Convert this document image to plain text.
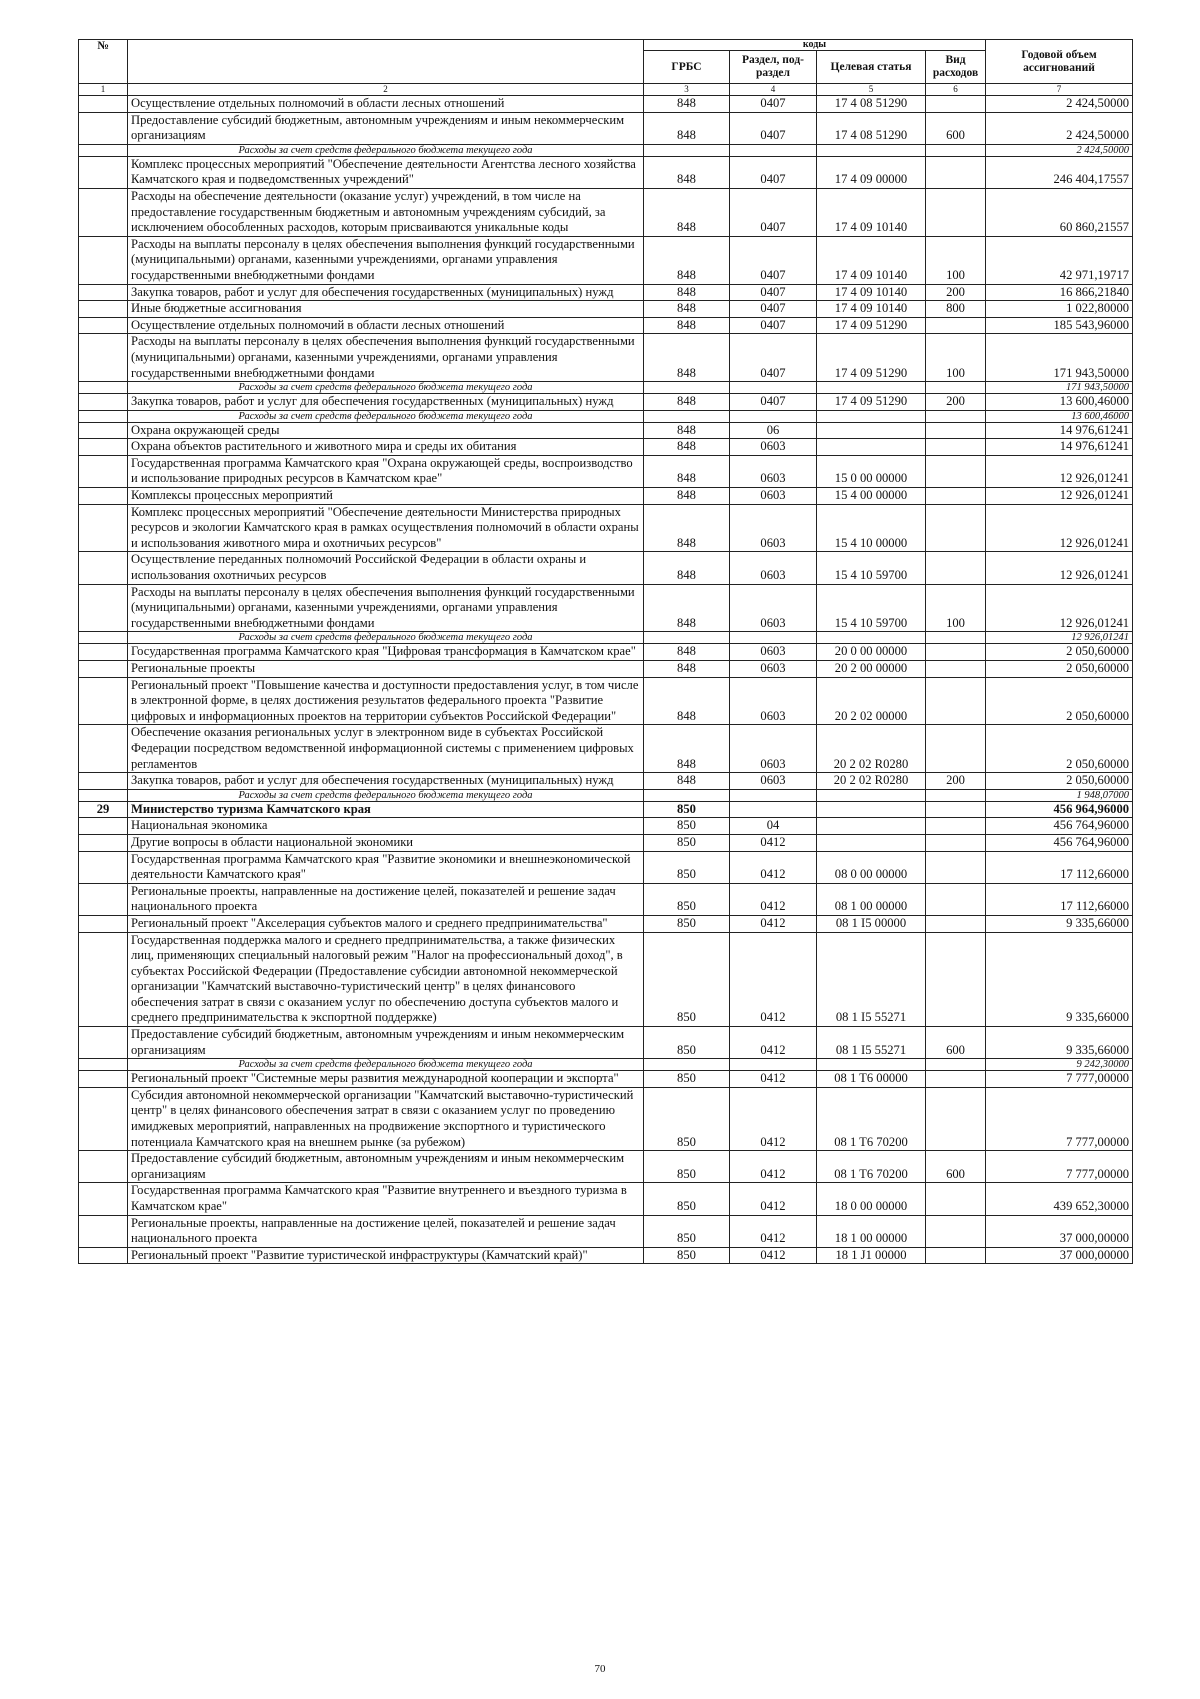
№		коды				Годовой объем ассигнований
		ГРБС	Раздел, под-раздел	Целевая статья	Вид расходов	
1	2	3	4	5	6	7
	Осуществление отдельных полномочий в области лесных отношений	848	0407	17 4 08 51290		2 424,50000
	Предоставление субсидий бюджетным, автономным учреждениям и иным некоммерческим организациям	848	0407	17 4 08 51290	600	2 424,50000
	Расходы за счет средств федерального бюджета текущего года					2 424,50000
	Комплекс процессных мероприятий "Обеспечение деятельности Агентства лесного хозяйства Камчатского края и подведомственных учреждений"	848	0407	17 4 09 00000		246 404,17557
	Расходы на обеспечение деятельности (оказание услуг) учреждений, в том числе на предоставление государственным бюджетным и автономным учреждениям субсидий, за исключением обособленных расходов, которым присваиваются уникальные коды	848	0407	17 4 09 10140		60 860,21557
	Расходы на выплаты персоналу в целях обеспечения выполнения функций государственными (муниципальными) органами, казенными учреждениями, органами управления государственными внебюджетными фондами	848	0407	17 4 09 10140	100	42 971,19717
	Закупка товаров, работ и услуг для обеспечения государственных (муниципальных) нужд	848	0407	17 4 09 10140	200	16 866,21840
	Иные бюджетные ассигнования	848	0407	17 4 09 10140	800	1 022,80000
	Осуществление отдельных полномочий в области лесных отношений	848	0407	17 4 09 51290		185 543,96000
	Расходы на выплаты персоналу в целях обеспечения выполнения функций государственными (муниципальными) органами, казенными учреждениями, органами управления государственными внебюджетными фондами	848	0407	17 4 09 51290	100	171 943,50000
	Расходы за счет средств федерального бюджета текущего года					171 943,50000
	Закупка товаров, работ и услуг для обеспечения государственных (муниципальных) нужд	848	0407	17 4 09 51290	200	13 600,46000
	Расходы за счет средств федерального бюджета текущего года					13 600,46000
	Охрана окружающей среды	848	06			14 976,61241
	Охрана объектов растительного и животного мира и среды их обитания	848	0603			14 976,61241
	Государственная программа Камчатского края "Охрана окружающей среды, воспроизводство и использование природных ресурсов в Камчатском крае"	848	0603	15 0 00 00000		12 926,01241
	Комплексы процессных мероприятий	848	0603	15 4 00 00000		12 926,01241
	Комплекс процессных мероприятий "Обеспечение деятельности Министерства природных ресурсов и экологии Камчатского края в рамках осуществления полномочий в области охраны и использования животного мира и охотничьих ресурсов"	848	0603	15 4 10 00000		12 926,01241
	Осуществление переданных полномочий Российской Федерации в области охраны и использования охотничьих ресурсов	848	0603	15 4 10 59700		12 926,01241
	Расходы на выплаты персоналу в целях обеспечения выполнения функций государственными (муниципальными) органами, казенными учреждениями, органами управления государственными внебюджетными фондами	848	0603	15 4 10 59700	100	12 926,01241
	Расходы за счет средств федерального бюджета текущего года					12 926,01241
	Государственная программа Камчатского края "Цифровая трансформация в Камчатском крае"	848	0603	20 0 00 00000		2 050,60000
	Региональные проекты	848	0603	20 2 00 00000		2 050,60000
	Региональный проект "Повышение качества и доступности предоставления услуг, в том числе в электронной форме, в целях достижения результатов федерального проекта "Развитие цифровых и информационных проектов на территории субъектов Российской Федерации"	848	0603	20 2 02 00000		2 050,60000
	Обеспечение оказания региональных услуг в электронном виде в субъектах Российской Федерации посредством ведомственной информационной системы с применением цифровых регламентов	848	0603	20 2 02 R0280		2 050,60000
	Закупка товаров, работ и услуг для обеспечения государственных (муниципальных) нужд	848	0603	20 2 02 R0280	200	2 050,60000
	Расходы за счет средств федерального бюджета текущего года					1 948,07000
29	Министерство туризма Камчатского края	850				456 964,96000
	Национальная экономика	850	04			456 764,96000
	Другие вопросы в области национальной экономики	850	0412			456 764,96000
	Государственная программа Камчатского края "Развитие экономики и внешнеэкономической деятельности Камчатского края"	850	0412	08 0 00 00000		17 112,66000
	Региональные проекты, направленные на достижение целей, показателей и решение задач национального проекта	850	0412	08 1 00 00000		17 112,66000
	Региональный проект "Акселерация субъектов малого и среднего предпринимательства"	850	0412	08 1 I5 00000		9 335,66000
	Государственная поддержка малого и среднего предпринимательства, а также физических лиц, применяющих специальный налоговый режим "Налог на профессиональный доход", в субъектах Российской Федерации (Предоставление субсидии автономной некоммерческой организации "Камчатский выставочно-туристический центр" в целях финансового обеспечения затрат в связи с оказанием услуг по обеспечению доступа субъектов малого и среднего предпринимательства к экспортной поддержке)	850	0412	08 1 I5 55271		9 335,66000
	Предоставление субсидий бюджетным, автономным учреждениям и иным некоммерческим организациям	850	0412	08 1 I5 55271	600	9 335,66000
	Расходы за счет средств федерального бюджета текущего года					9 242,30000
	Региональный проект "Системные меры развития международной кооперации и экспорта"	850	0412	08 1 T6 00000		7 777,00000
	Субсидия автономной некоммерческой организации "Камчатский выставочно-туристический центр" в целях финансового обеспечения затрат в связи с оказанием услуг по проведению имиджевых мероприятий, направленных на продвижение экспортного и туристического потенциала Камчатского края на внешнем рынке (за рубежом)	850	0412	08 1 T6 70200		7 777,00000
	Предоставление субсидий бюджетным, автономным учреждениям и иным некоммерческим организациям	850	0412	08 1 T6 70200	600	7 777,00000
	Государственная программа Камчатского края "Развитие внутреннего и въездного туризма в Камчатском крае"	850	0412	18 0 00 00000		439 652,30000
	Региональные проекты, направленные на достижение целей, показателей и решение задач национального проекта	850	0412	18 1 00 00000		37 000,00000
	Региональный проект "Развитие туристической инфраструктуры (Камчатский край)"	850	0412	18 1 J1 00000		37 000,00000
70
